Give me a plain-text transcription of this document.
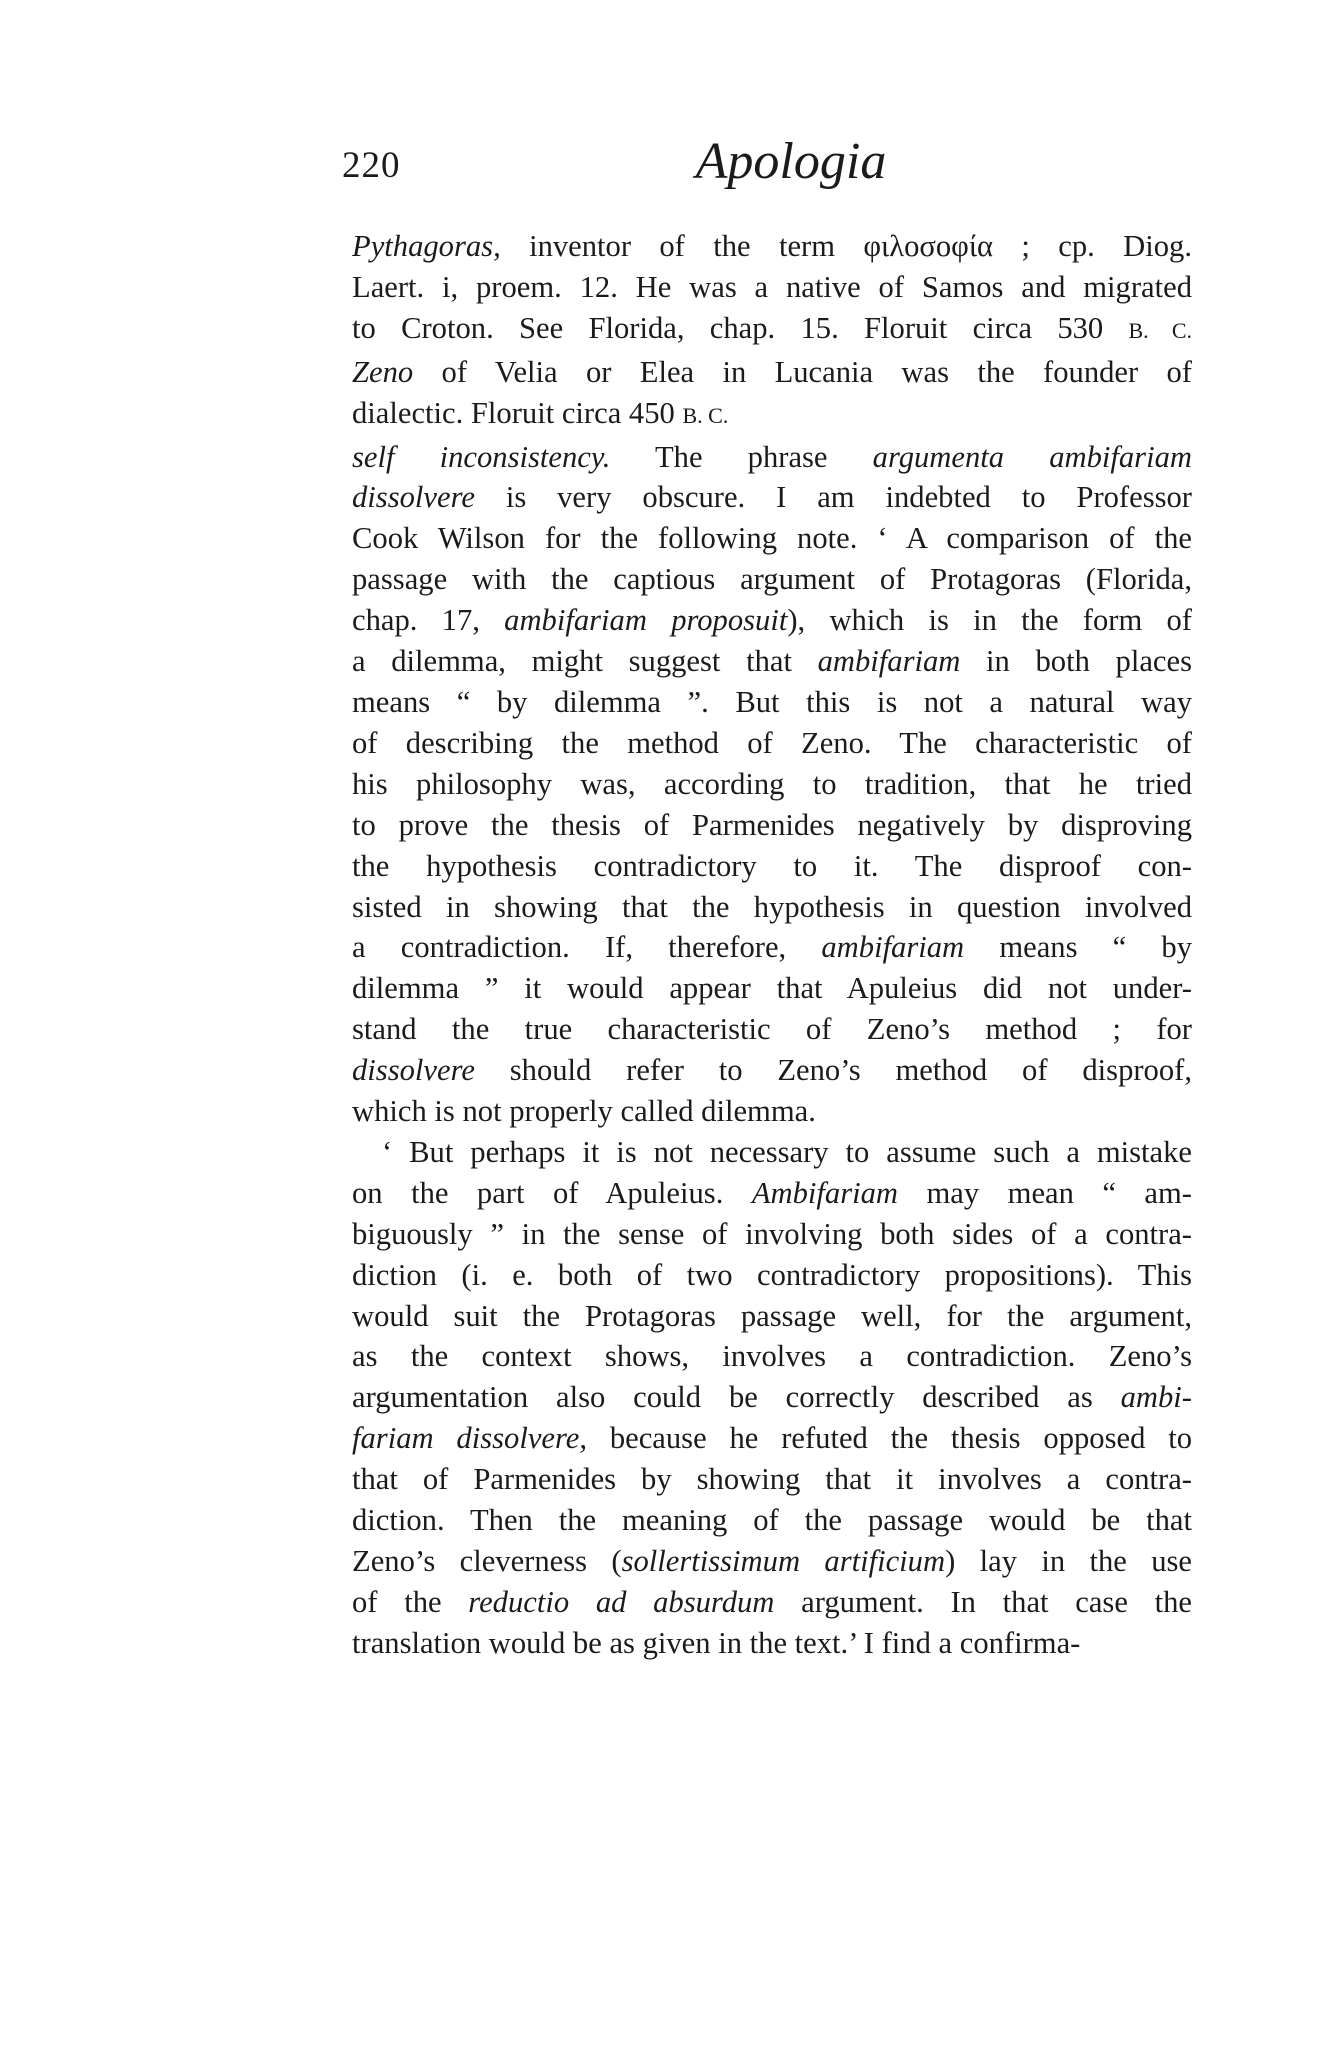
220	Apologia
Pythagoras, inventor of the term φιλοσοφία ; cp. Diog.
Laert. i, proem. 12. He was a native of Samos and migrated
to Croton. See Florida, chap. 15. Floruit circa 530 B. C.
Zeno of Velia or Elea in Lucania was the founder of
dialectic. Floruit circa 450 B. C.
self inconsistency. The phrase argumenta ambifariam
dissolvere is very obscure. I am indebted to Professor
Cook Wilson for the following note. ‘ A comparison of the
passage with the captious argument of Protagoras (Florida,
chap. 17, ambifariam proposuit), which is in the form of
a dilemma, might suggest that ambifariam in both places
means “ by dilemma ”. But this is not a natural way
of describing the method of Zeno. The characteristic of
his philosophy was, according to tradition, that he tried
to prove the thesis of Parmenides negatively by disproving
the hypothesis contradictory to it. The disproof con-
sisted in showing that the hypothesis in question involved
a contradiction. If, therefore, ambifariam means “ by
dilemma ” it would appear that Apuleius did not under-
stand the true characteristic of Zeno’s method ; for
dissolvere should refer to Zeno’s method of disproof,
which is not properly called dilemma.
‘ But perhaps it is not necessary to assume such a mistake
on the part of Apuleius. Ambifariam may mean “ am-
biguously ” in the sense of involving both sides of a contra-
diction (i. e. both of two contradictory propositions). This
would suit the Protagoras passage well, for the argument,
as the context shows, involves a contradiction. Zeno’s
argumentation also could be correctly described as ambi-
fariam dissolvere, because he refuted the thesis opposed to
that of Parmenides by showing that it involves a contra-
diction. Then the meaning of the passage would be that
Zeno’s cleverness (sollertissimum artificium) lay in the use
of the reductio ad absurdum argument. In that case the
translation would be as given in the text.’ I find a confirma-
